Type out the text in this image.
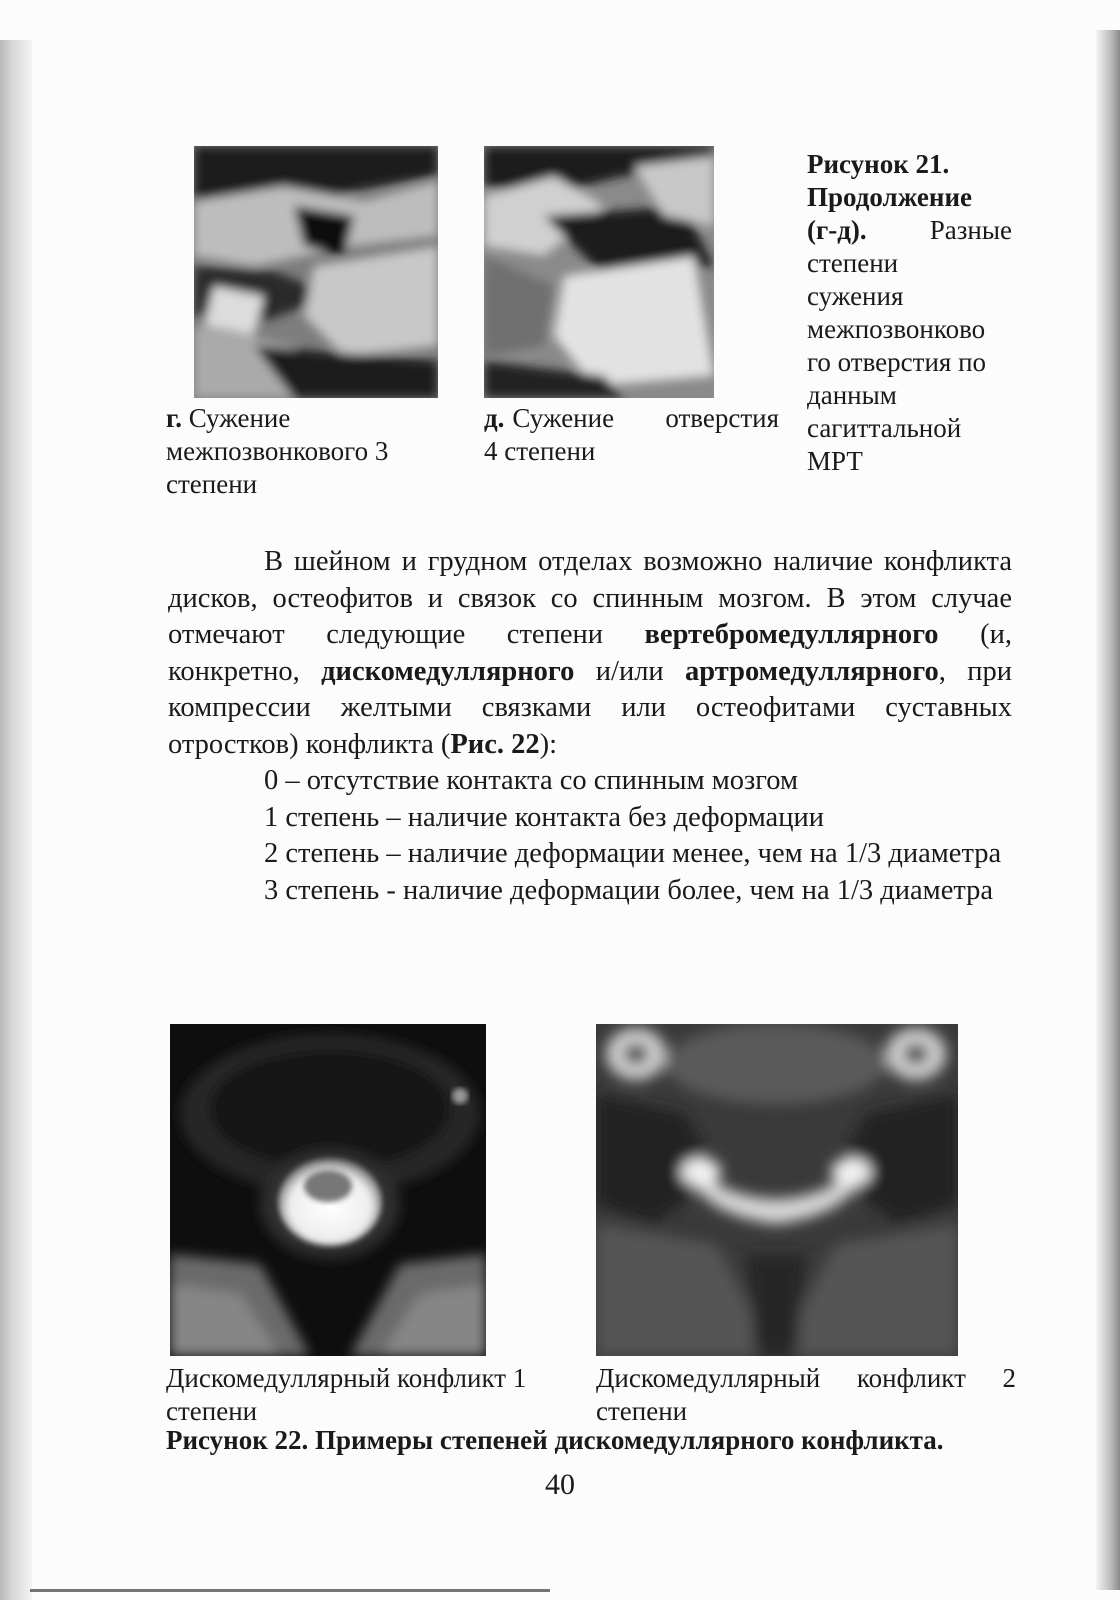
г. Сужение
межпозвонкового 3
степени
д. Сужение отверстия
4 степени
Рисунок 21.
Продолжение
(г-д). Разные
степени
сужения
межпозвонково
го отверстия по
данным
сагиттальной
МРТ

В шейном и грудном отделах возможно наличие конфликта дисков, остеофитов и связок со спинным мозгом. В этом случае отмечают следующие степени вертебромедуллярного (и, конкретно, дискомедуллярного и/или артромедуллярного, при компрессии желтыми связками или остеофитами суставных отростков) конфликта (Рис. 22):

0 – отсутствие контакта со спинным мозгом

1 степень – наличие контакта без деформации

2 степень – наличие деформации менее, чем на 1/3 диаметра

3 степень - наличие деформации более, чем на 1/3 диаметра

Дискомедуллярный конфликт 1 степени
Дискомедуллярный конфликт 2 степени
Рисунок 22. Примеры степеней дискомедуллярного конфликта.
40
